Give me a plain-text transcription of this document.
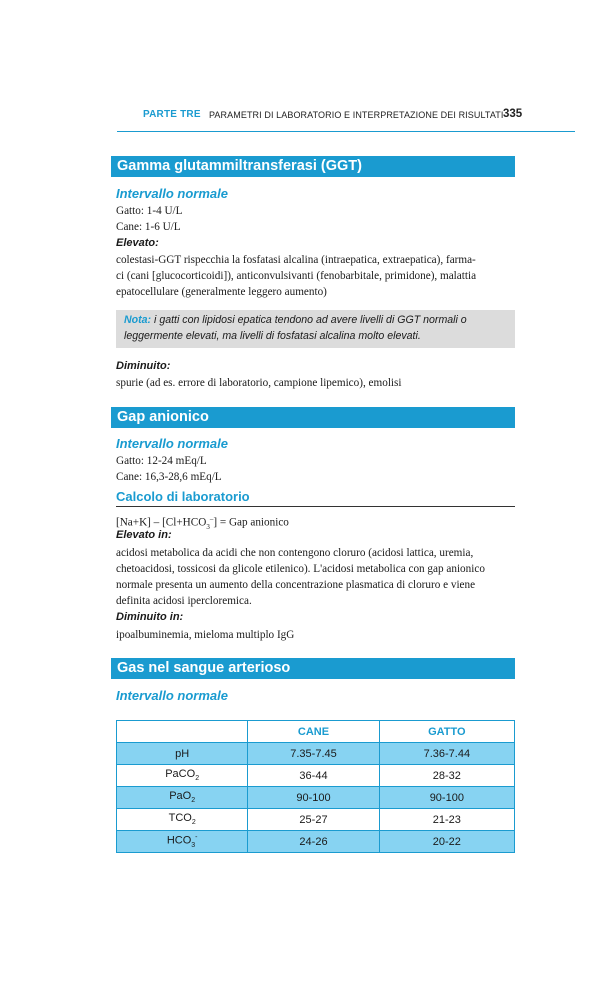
PARTE TRE PARAMETRI DI LABORATORIO E INTERPRETAZIONE DEI RISULTATI 335
Gamma glutammiltransferasi (GGT)
Intervallo normale
Gatto: 1-4 U/L
Cane: 1-6 U/L
Elevato:
colestasi-GGT rispecchia la fosfatasi alcalina (intraepatica, extraepatica), farma-
ci (cani [glucocorticoidi]), anticonvulsivanti (fenobarbitale, primidone), malattia
epatocellulare (generalmente leggero aumento)
Nota: i gatti con lipidosi epatica tendono ad avere livelli di GGT normali o
leggermente elevati, ma livelli di fosfatasi alcalina molto elevati.
Diminuito:
spurie (ad es. errore di laboratorio, campione lipemico), emolisi
Gap anionico
Intervallo normale
Gatto: 12-24 mEq/L
Cane: 16,3-28,6 mEq/L
Calcolo di laboratorio
$[Na+K] - [Cl+HCO_3^-]$ = Gap anionico
Elevato in:
acidosi metabolica da acidi che non contengono cloruro (acidosi lattica, uremia,
chetoacidosi, tossicosi da glicole etilenico). L'acidosi metabolica con gap anionico
normale presenta un aumento della concentrazione plasmatica di cloruro e viene
definita acidosi ipercloremica.
Diminuito in:
ipoalbuminemia, mieloma multiplo IgG
Gas nel sangue arterioso
Intervallo normale
	CANE	GATTO
pH	7.35-7.45	7.36-7.44
PaCO$_2$	36-44	28-32
PaO$_2$	90-100	90-100
$TCO_2$	25-27	21-23
$HCO_3^-$	24-26	20-22
